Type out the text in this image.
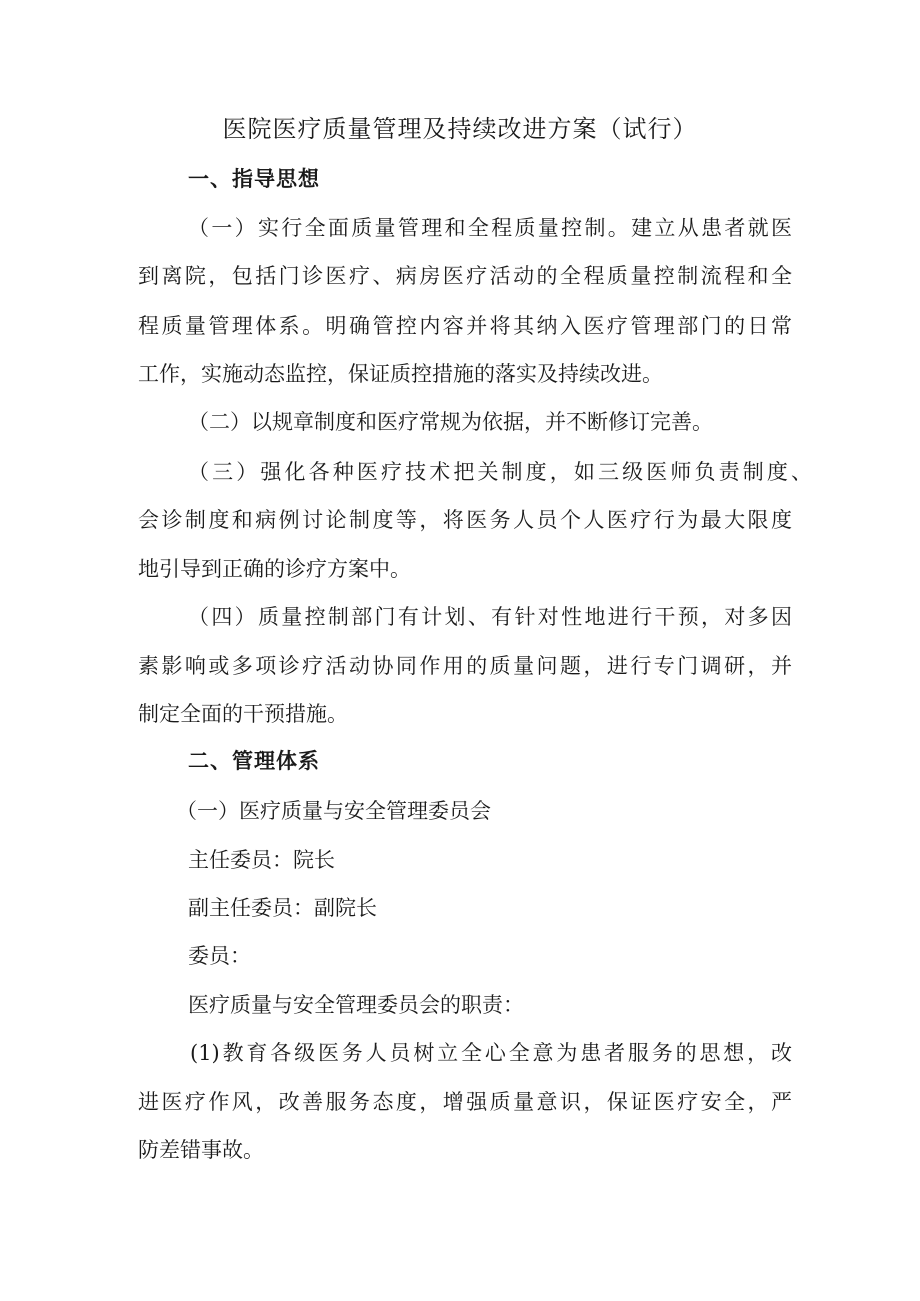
医院医疗质量管理及持续改进方案（试行）
一、指导思想
（一）实行全面质量管理和全程质量控制。建立从患者就医
到离院，包括门诊医疗、病房医疗活动的全程质量控制流程和全
程质量管理体系。明确管控内容并将其纳入医疗管理部门的日常
工作，实施动态监控，保证质控措施的落实及持续改进。
（二）以规章制度和医疗常规为依据，并不断修订完善。
（三）强化各种医疗技术把关制度，如三级医师负责制度、
会诊制度和病例讨论制度等，将医务人员个人医疗行为最大限度
地引导到正确的诊疗方案中。
（四）质量控制部门有计划、有针对性地进行干预，对多因
素影响或多项诊疗活动协同作用的质量问题，进行专门调研，并
制定全面的干预措施。
二、管理体系
（一）医疗质量与安全管理委员会
主任委员：院长
副主任委员：副院长
委员：
医疗质量与安全管理委员会的职责：
(1)教育各级医务人员树立全心全意为患者服务的思想，改
进医疗作风，改善服务态度，增强质量意识，保证医疗安全，严
防差错事故。
